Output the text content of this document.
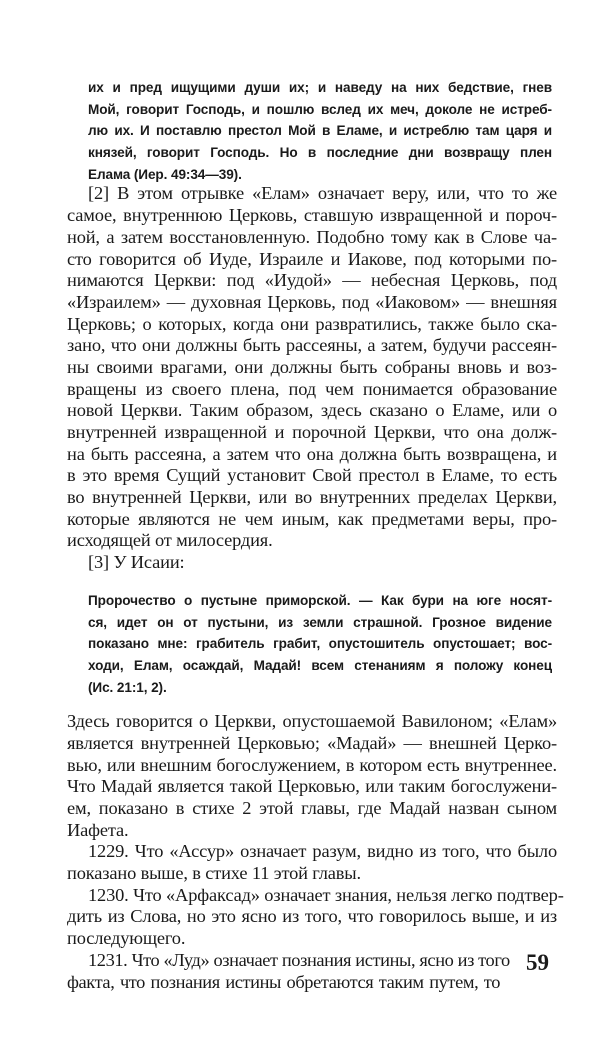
их и пред ищущими души их; и наведу на них бедствие, гнев
Мой, говорит Господь, и пошлю вслед их меч, доколе не истреб-
лю их. И поставлю престол Мой в Еламе, и истреблю там царя и
князей, говорит Господь. Но в последние дни возвращу плен
Елама (Иер. 49:34—39).
[2] В этом отрывке «Елам» означает веру, или, что то же
самое, внутреннюю Церковь, ставшую извращенной и пороч-
ной, а затем восстановленную. Подобно тому как в Слове ча-
сто говорится об Иуде, Израиле и Иакове, под которыми по-
нимаются Церкви: под «Иудой» — небесная Церковь, под
«Израилем» — духовная Церковь, под «Иаковом» — внешняя
Церковь; о которых, когда они развратились, также было ска-
зано, что они должны быть рассеяны, а затем, будучи рассеян-
ны своими врагами, они должны быть собраны вновь и воз-
вращены из своего плена, под чем понимается образование
новой Церкви. Таким образом, здесь сказано о Еламе, или о
внутренней извращенной и порочной Церкви, что она долж-
на быть рассеяна, а затем что она должна быть возвращена, и
в это время Сущий установит Свой престол в Еламе, то есть
во внутренней Церкви, или во внутренних пределах Церкви,
которые являются не чем иным, как предметами веры, про-
исходящей от милосердия.
[3] У Исаии:
Пророчество о пустыне приморской. — Как бури на юге носят-
ся, идет он от пустыни, из земли страшной. Грозное видение
показано мне: грабитель грабит, опустошитель опустошает; вос-
ходи, Елам, осаждай, Мадай! всем стенаниям я положу конец
(Ис. 21:1, 2).
Здесь говорится о Церкви, опустошаемой Вавилоном; «Елам»
является внутренней Церковью; «Мадай» — внешней Церко-
вью, или внешним богослужением, в котором есть внутреннее.
Что Мадай является такой Церковью, или таким богослужени-
ем, показано в стихе 2 этой главы, где Мадай назван сыном
Иафета.
1229. Что «Ассур» означает разум, видно из того, что было
показано выше, в стихе 11 этой главы.
1230. Что «Арфаксад» означает знания, нельзя легко подтвер-
дить из Слова, но это ясно из того, что говорилось выше, и из
последующего.
1231. Что «Луд» означает познания истины, ясно из того
факта, что познания истины обретаются таким путем, то
59
